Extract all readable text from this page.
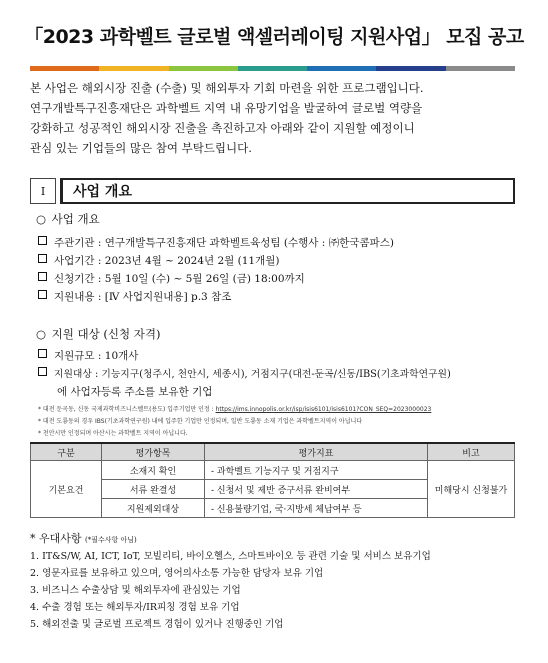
「2023 과학벨트 글로벌 액셀러레이팅 지원사업」 모집 공고

본 사업은 해외시장 진출 (수출) 및 해외투자 기회 마련을 위한 프로그램입니다.

연구개발특구진흥재단은 과학벨트 지역 내 유망기업을 발굴하여 글로벌 역량을

강화하고 성공적인 해외시장 진출을 촉진하고자 아래와 같이 지원할 예정이니

관심 있는 기업들의 많은 참여 부탁드립니다.

Ⅰ	사업 개요
○ 사업 개요
주관기관 : 연구개발특구진흥재단 과학벨트육성팀 (수행사 : ㈜한국콤파스)
사업기간 : 2023년 4월 ~ 2024년 2월 (11개월)
신청기간 : 5월 10일 (수) ~ 5월 26일 (금) 18:00까지
지원내용 : [Ⅳ 사업지원내용] p.3 참조
○ 지원 대상 (신청 자격)
지원규모 : 10개사
지원대상 : 기능지구(청주시, 천안시, 세종시), 거점지구(대전-둔곡/신동/IBS(기초과학연구원)
에 사업자등록 주소를 보유한 기업
* 대전 둔곡동, 신동 국제과학비즈니스벨트(용도) 입주기업만 인정 : https://ims.innopolis.or.kr/isp/isis6101/isis6101?CON_SEQ=2023000023
* 대전 도룡동의 경우 IBS(기초과학연구원) 내에 입주한 기업만 인정되며, 일반 도룡동 소재 기업은 과학벨트지역이 아닙니다
* 천안시만 인정되며 아산시는 과학벨트 지역이 아닙니다.
구분	평가항목	평가지표	비고
기본요건	소재지 확인	- 과학벨트 기능지구 및 거점지구	미해당시 신청불가
	서류 완결성	- 신청서 및 제반 증구서류 완비여부	
	지원제외대상	- 신용불량기업, 국·지방세 체납여부 등	
* 우대사항 (*필수사항 아님)
1. IT&S/W, AI, ICT, IoT, 모빌리티, 바이오헬스, 스마트바이오 등 관련 기술 및 서비스 보유기업
2. 영문자료를 보유하고 있으며, 영어의사소통 가능한 담당자 보유 기업
3. 비즈니스 수출상담 및 해외투자에 관심있는 기업
4. 수출 경험 또는 해외투자/IR피칭 경험 보유 기업
5. 해외전출 및 글로벌 프로젝트 경험이 있거나 진행중인 기업
